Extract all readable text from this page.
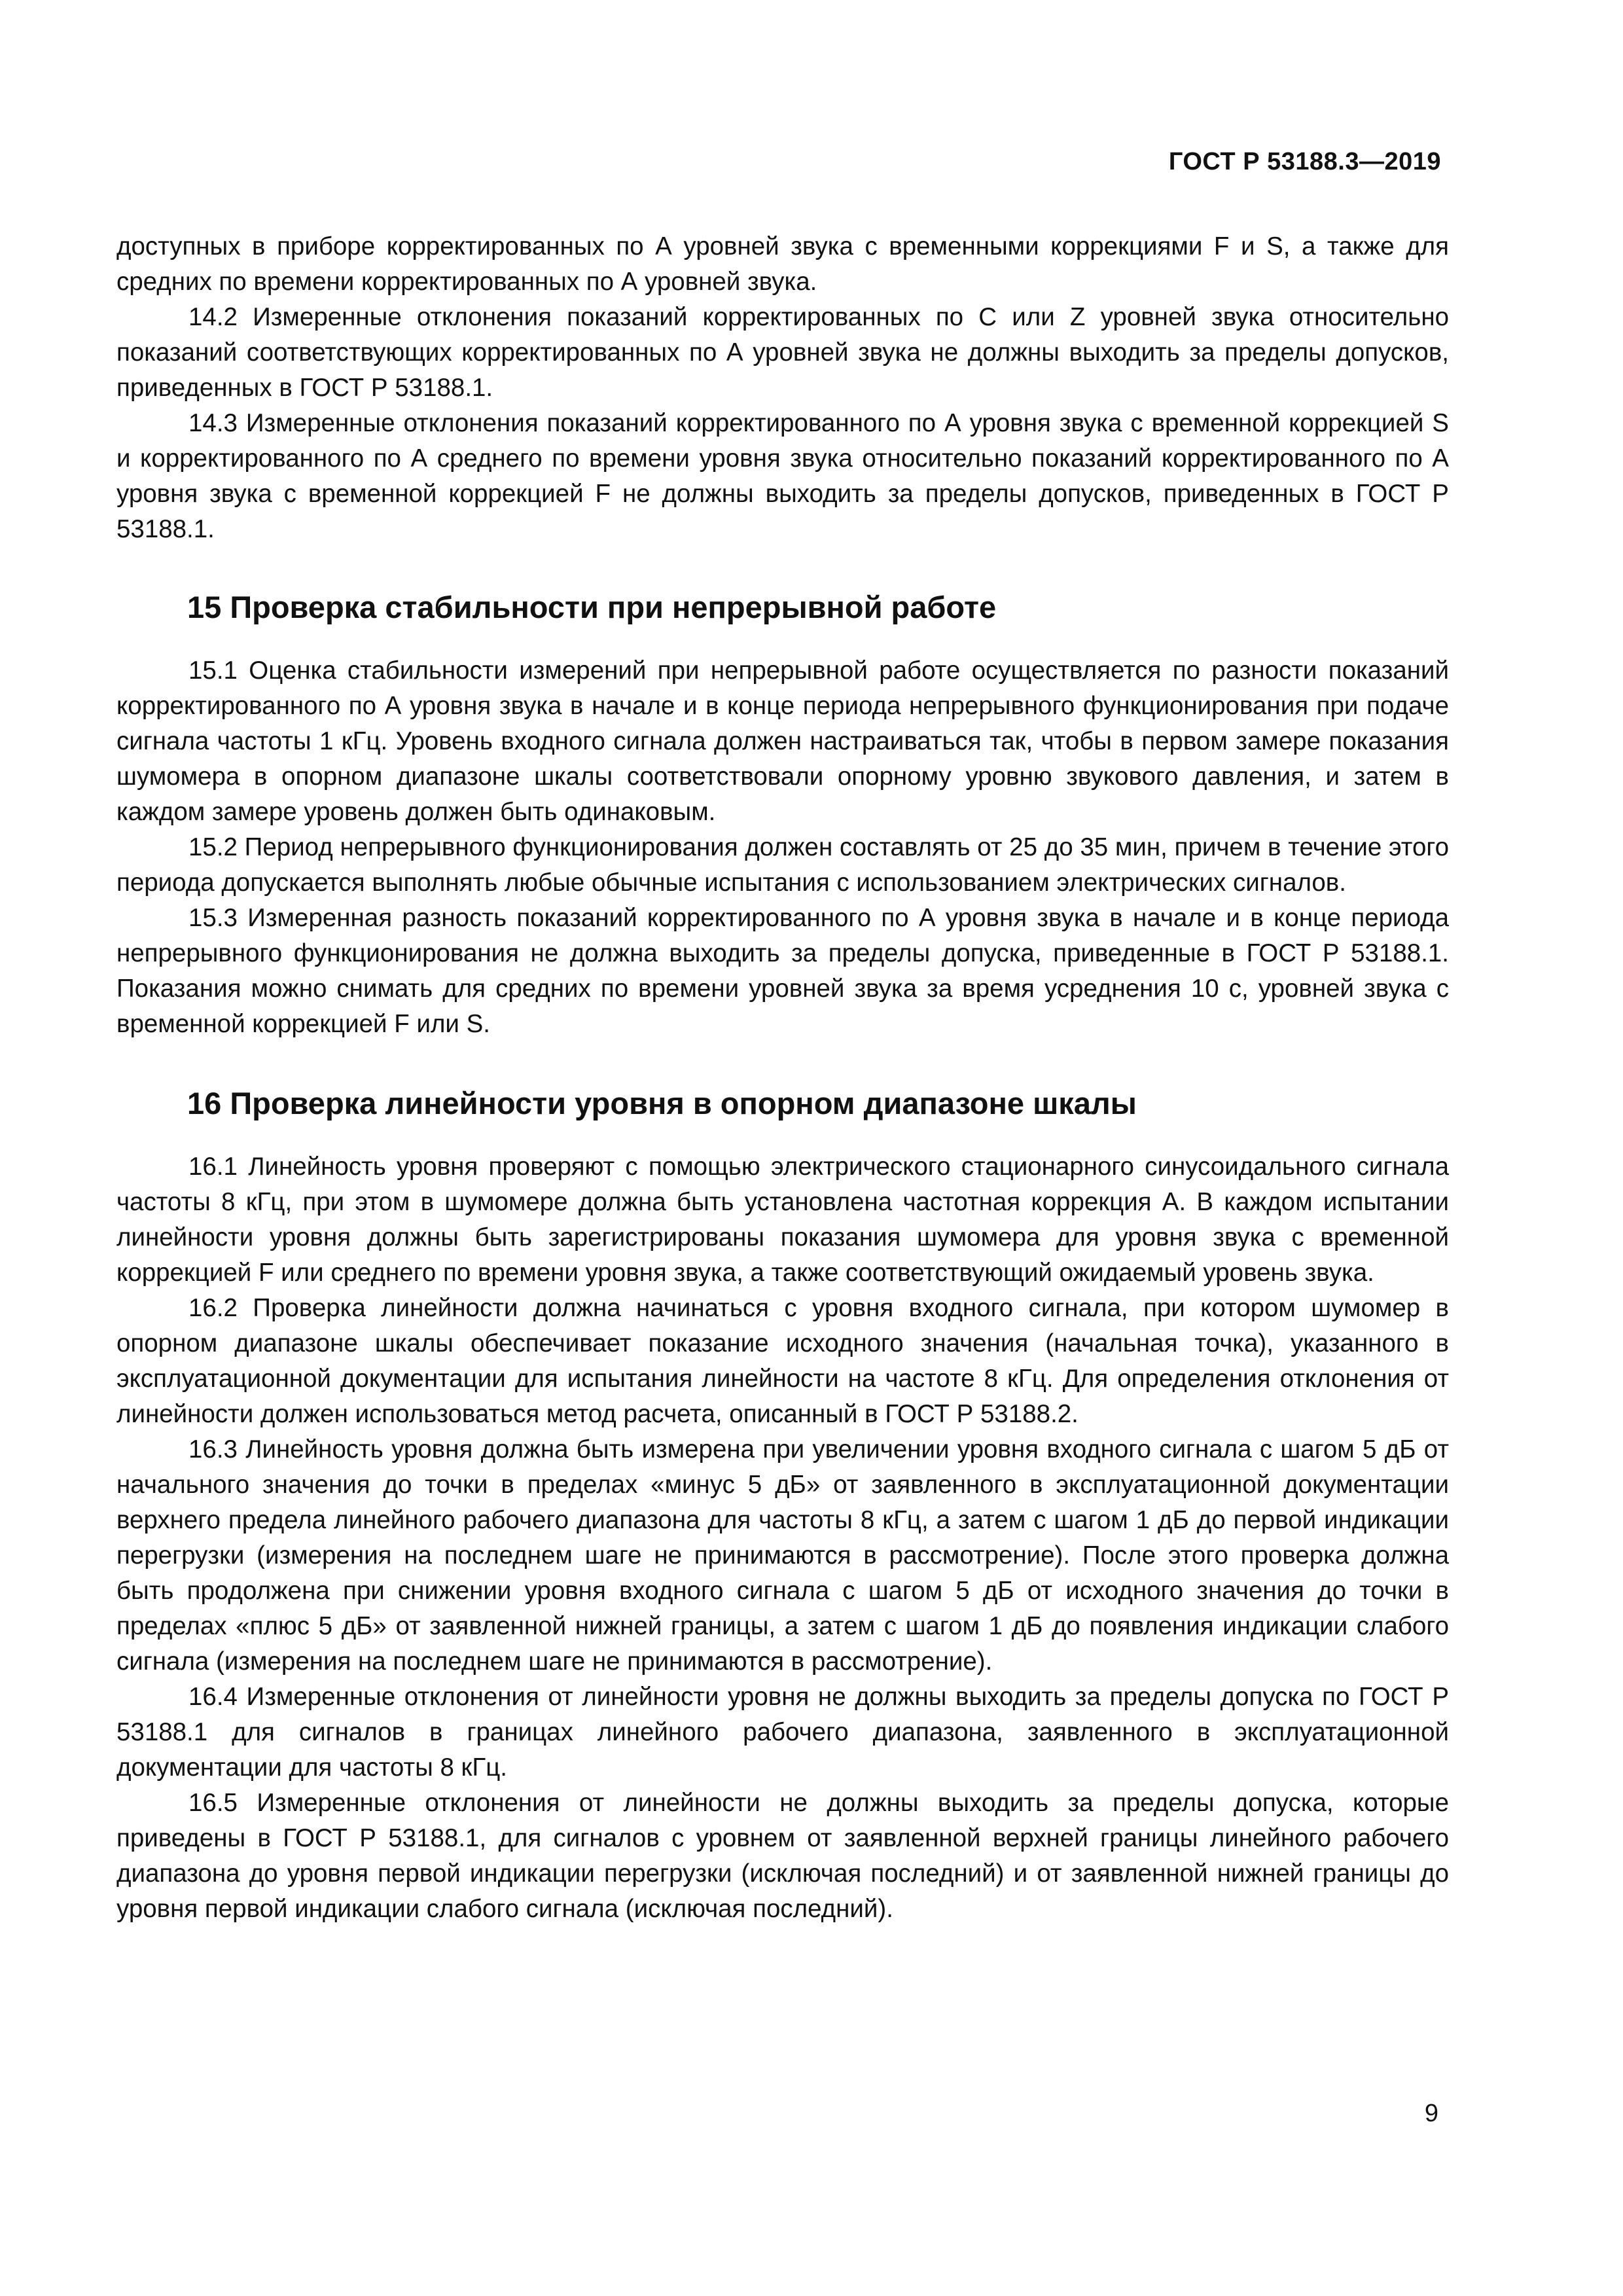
ГОСТ Р 53188.3—2019

доступных в приборе корректированных по А уровней звука с временными коррекциями F и S, а также для средних по времени корректированных по А уровней звука.

14.2 Измеренные отклонения показаний корректированных по С или Z уровней звука относительно показаний соответствующих корректированных по А уровней звука не должны выходить за пределы допусков, приведенных в ГОСТ Р 53188.1.

14.3 Измеренные отклонения показаний корректированного по А уровня звука с временной коррекцией S и корректированного по А среднего по времени уровня звука относительно показаний корректированного по А уровня звука с временной коррекцией F не должны выходить за пределы допусков, приведенных в ГОСТ Р 53188.1.

15 Проверка стабильности при непрерывной работе

15.1 Оценка стабильности измерений при непрерывной работе осуществляется по разности показаний корректированного по А уровня звука в начале и в конце периода непрерывного функционирования при подаче сигнала частоты 1 кГц. Уровень входного сигнала должен настраиваться так, чтобы в первом замере показания шумомера в опорном диапазоне шкалы соответствовали опорному уровню звукового давления, и затем в каждом замере уровень должен быть одинаковым.

15.2 Период непрерывного функционирования должен составлять от 25 до 35 мин, причем в течение этого периода допускается выполнять любые обычные испытания с использованием электрических сигналов.

15.3 Измеренная разность показаний корректированного по А уровня звука в начале и в конце периода непрерывного функционирования не должна выходить за пределы допуска, приведенные в ГОСТ Р 53188.1. Показания можно снимать для средних по времени уровней звука за время усреднения 10 с, уровней звука с временной коррекцией F или S.

16 Проверка линейности уровня в опорном диапазоне шкалы

16.1 Линейность уровня проверяют с помощью электрического стационарного синусоидального сигнала частоты 8 кГц, при этом в шумомере должна быть установлена частотная коррекция А. В каждом испытании линейности уровня должны быть зарегистрированы показания шумомера для уровня звука с временной коррекцией F или среднего по времени уровня звука, а также соответствующий ожидаемый уровень звука.

16.2 Проверка линейности должна начинаться с уровня входного сигнала, при котором шумомер в опорном диапазоне шкалы обеспечивает показание исходного значения (начальная точка), указанного в эксплуатационной документации для испытания линейности на частоте 8 кГц. Для определения отклонения от линейности должен использоваться метод расчета, описанный в ГОСТ Р 53188.2.

16.3 Линейность уровня должна быть измерена при увеличении уровня входного сигнала с шагом 5 дБ от начального значения до точки в пределах «минус 5 дБ» от заявленного в эксплуатационной документации верхнего предела линейного рабочего диапазона для частоты 8 кГц, а затем с шагом 1 дБ до первой индикации перегрузки (измерения на последнем шаге не принимаются в рассмотрение). После этого проверка должна быть продолжена при снижении уровня входного сигнала с шагом 5 дБ от исходного значения до точки в пределах «плюс 5 дБ» от заявленной нижней границы, а затем с шагом 1 дБ до появления индикации слабого сигнала (измерения на последнем шаге не принимаются в рассмотрение).

16.4 Измеренные отклонения от линейности уровня не должны выходить за пределы допуска по ГОСТ Р 53188.1 для сигналов в границах линейного рабочего диапазона, заявленного в эксплуатационной документации для частоты 8 кГц.

16.5 Измеренные отклонения от линейности не должны выходить за пределы допуска, которые приведены в ГОСТ Р 53188.1, для сигналов с уровнем от заявленной верхней границы линейного рабочего диапазона до уровня первой индикации перегрузки (исключая последний) и от заявленной нижней границы до уровня первой индикации слабого сигнала (исключая последний).

9
